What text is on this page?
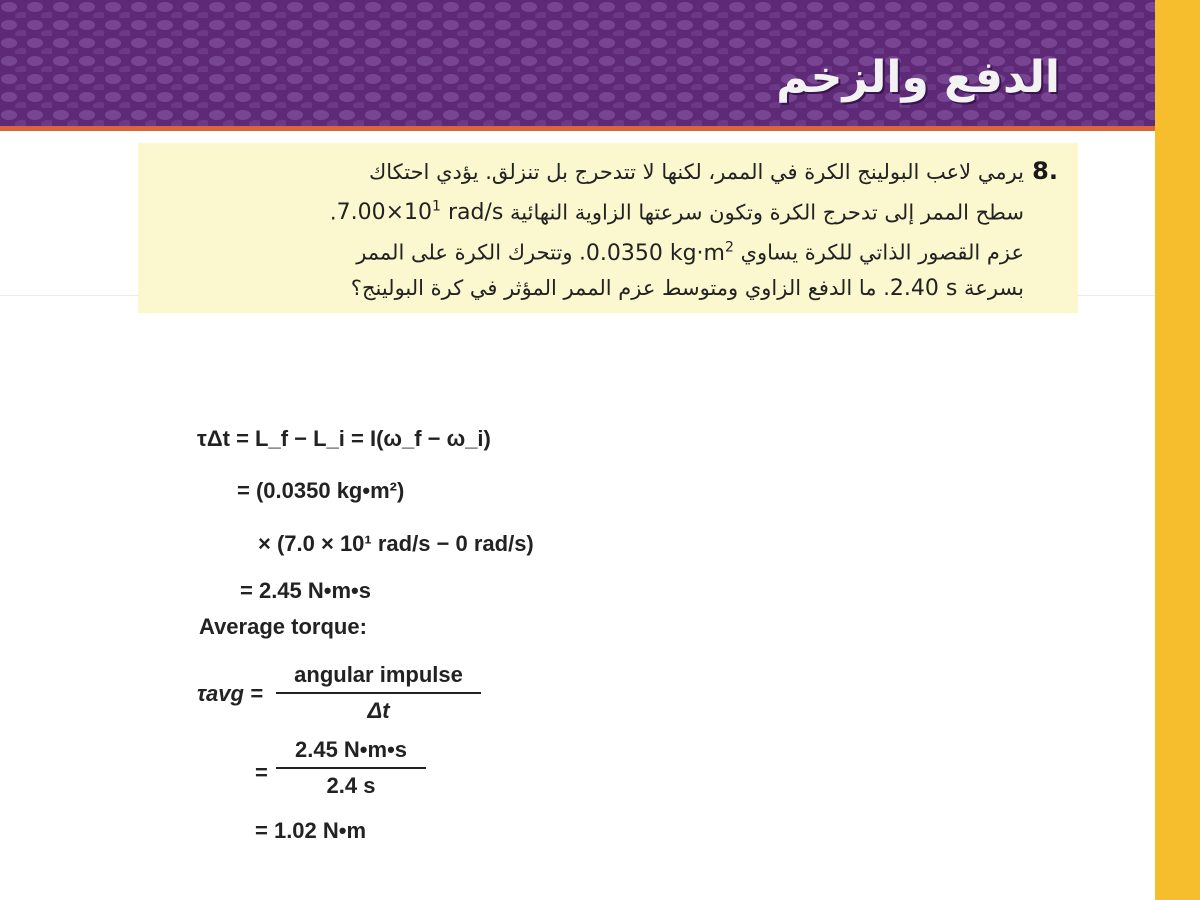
الدفع والزخم
8.
يرمي لاعب البولينج الكرة في الممر، لكنها لا تتدحرج بل تنزلق. يؤدي احتكاك
سطح الممر إلى تدحرج الكرة وتكون سرعتها الزاوية النهائية $7.00\times 10^1$ rad/s.
عزم القصور الذاتي للكرة يساوي 0.0350 $kg\cdot m^2$. وتتحرك الكرة على الممر
بسرعة 2.40 s. ما الدفع الزاوي ومتوسط عزم الممر المؤثر في كرة البولينج؟
τΔt = L_f − L_i = I(ω_f − ω_i)
= (0.0350 kg•m²)
× (7.0 × 10¹ rad/s − 0 rad/s)
= 2.45 N•m•s
Average torque:
τavg =
angular impulse
Δt
= $\frac{2.45 N•m•s}{2.4 s}$
= 1.02 N•m
